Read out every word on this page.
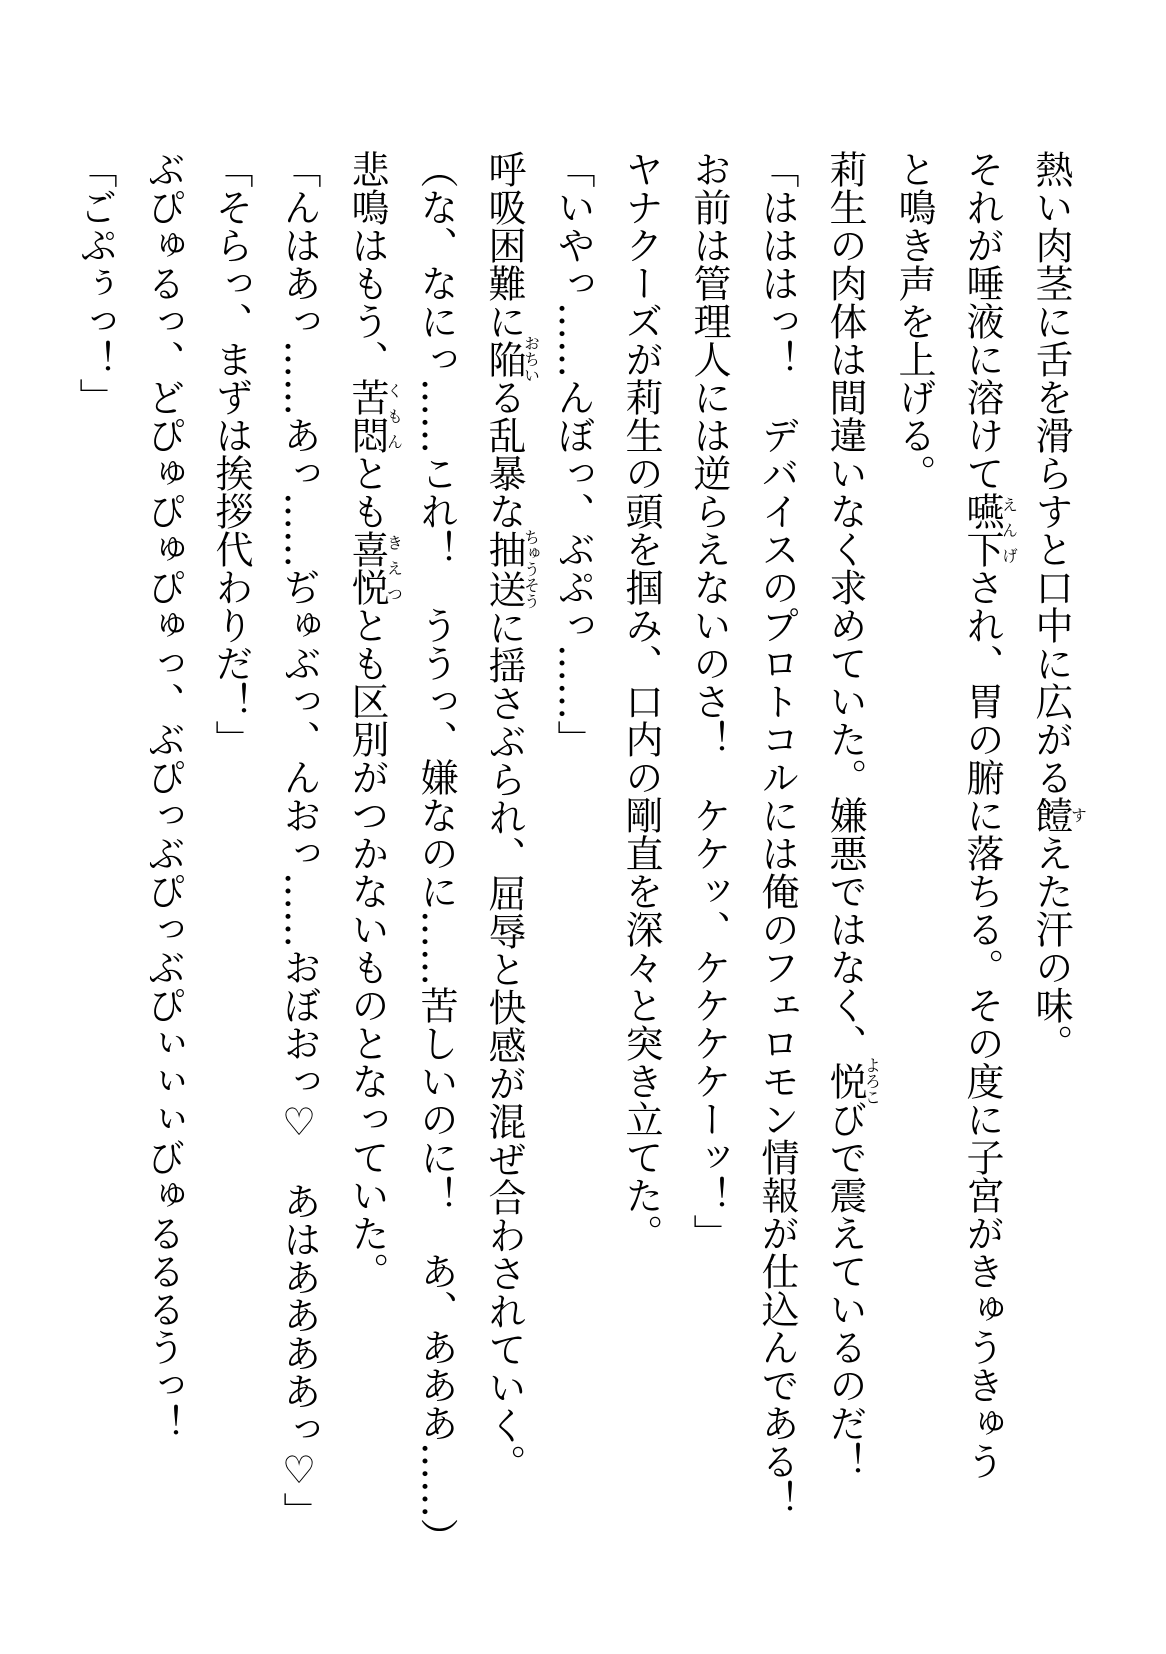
熱い肉茎に舌を滑らすと口中に広がる饐すえた汗の味。

それが唾液に溶けて嚥下えんげされ、胃の腑に落ちる。その度に子宮がきゅうきゅう

と鳴き声を上げる。

莉生の肉体は間違いなく求めていた。嫌悪ではなく、悦よろこびで震えているのだ！

「はははっ！　デバイスのプロトコルには俺のフェロモン情報が仕込んである！

お前は管理人には逆らえないのさ！　ケケッ、ケケケケーッ！」

ヤナクーズが莉生の頭を掴み、口内の剛直を深々と突き立てた。

「いやっ……んぼっ、ぶぷっ……」

呼吸困難に陥おちいる乱暴な抽送ちゅうそうに揺さぶられ、屈辱と快感が混ぜ合わされていく。

（な、なにっ……これ！　ううっ、嫌なのに……苦しいのに！　あ、あああ……）

悲鳴はもう、苦悶くもんとも喜悦きえつとも区別がつかないものとなっていた。

「んはあっ……あっ……ぢゅぶっ、んおっ……おぼおっ♡　あはああああっ♡」

「そらっ、まずは挨拶代わりだ！」

ぶぴゅるっ、どぴゅぴゅぴゅっ、ぶぴっぶぴっぶぴぃぃぃびゅるるるうっ！

「ごぷぅっ！」
